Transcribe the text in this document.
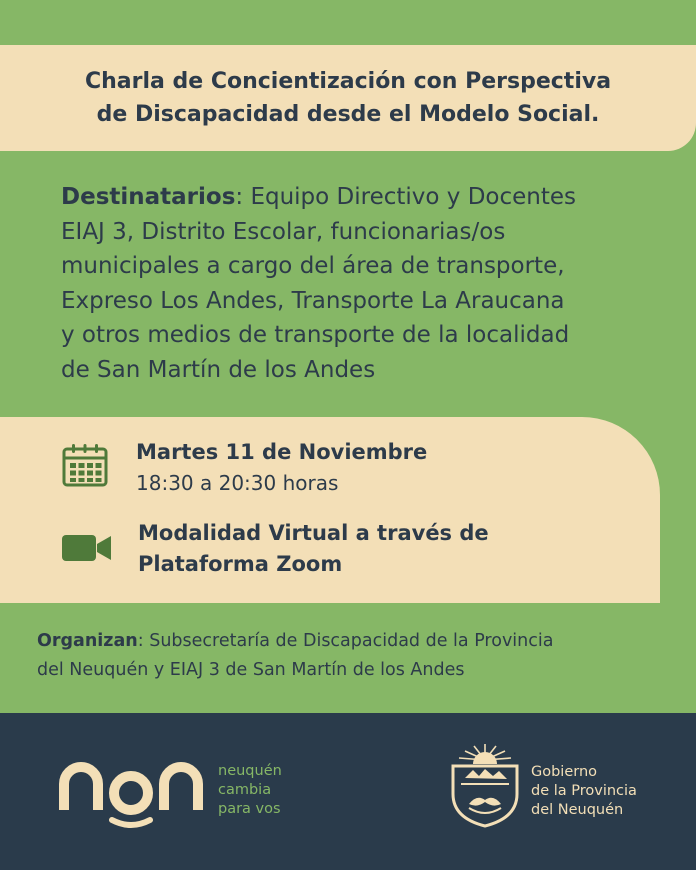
Charla de Concientización con Perspectiva
de Discapacidad desde el Modelo Social.
Destinatarios: Equipo Directivo y Docentes
EIAJ 3, Distrito Escolar, funcionarias/os
municipales a cargo del área de transporte,
Expreso Los Andes, Transporte La Araucana
y otros medios de transporte de la localidad
de San Martín de los Andes
Martes 11 de Noviembre
18:30 a 20:30 horas
Modalidad Virtual a través de
Plataforma Zoom
Organizan: Subsecretaría de Discapacidad de la Provincia
del Neuquén y EIAJ 3 de San Martín de los Andes
neuquén
cambia
para vos
Gobierno
de la Provincia
del Neuquén
